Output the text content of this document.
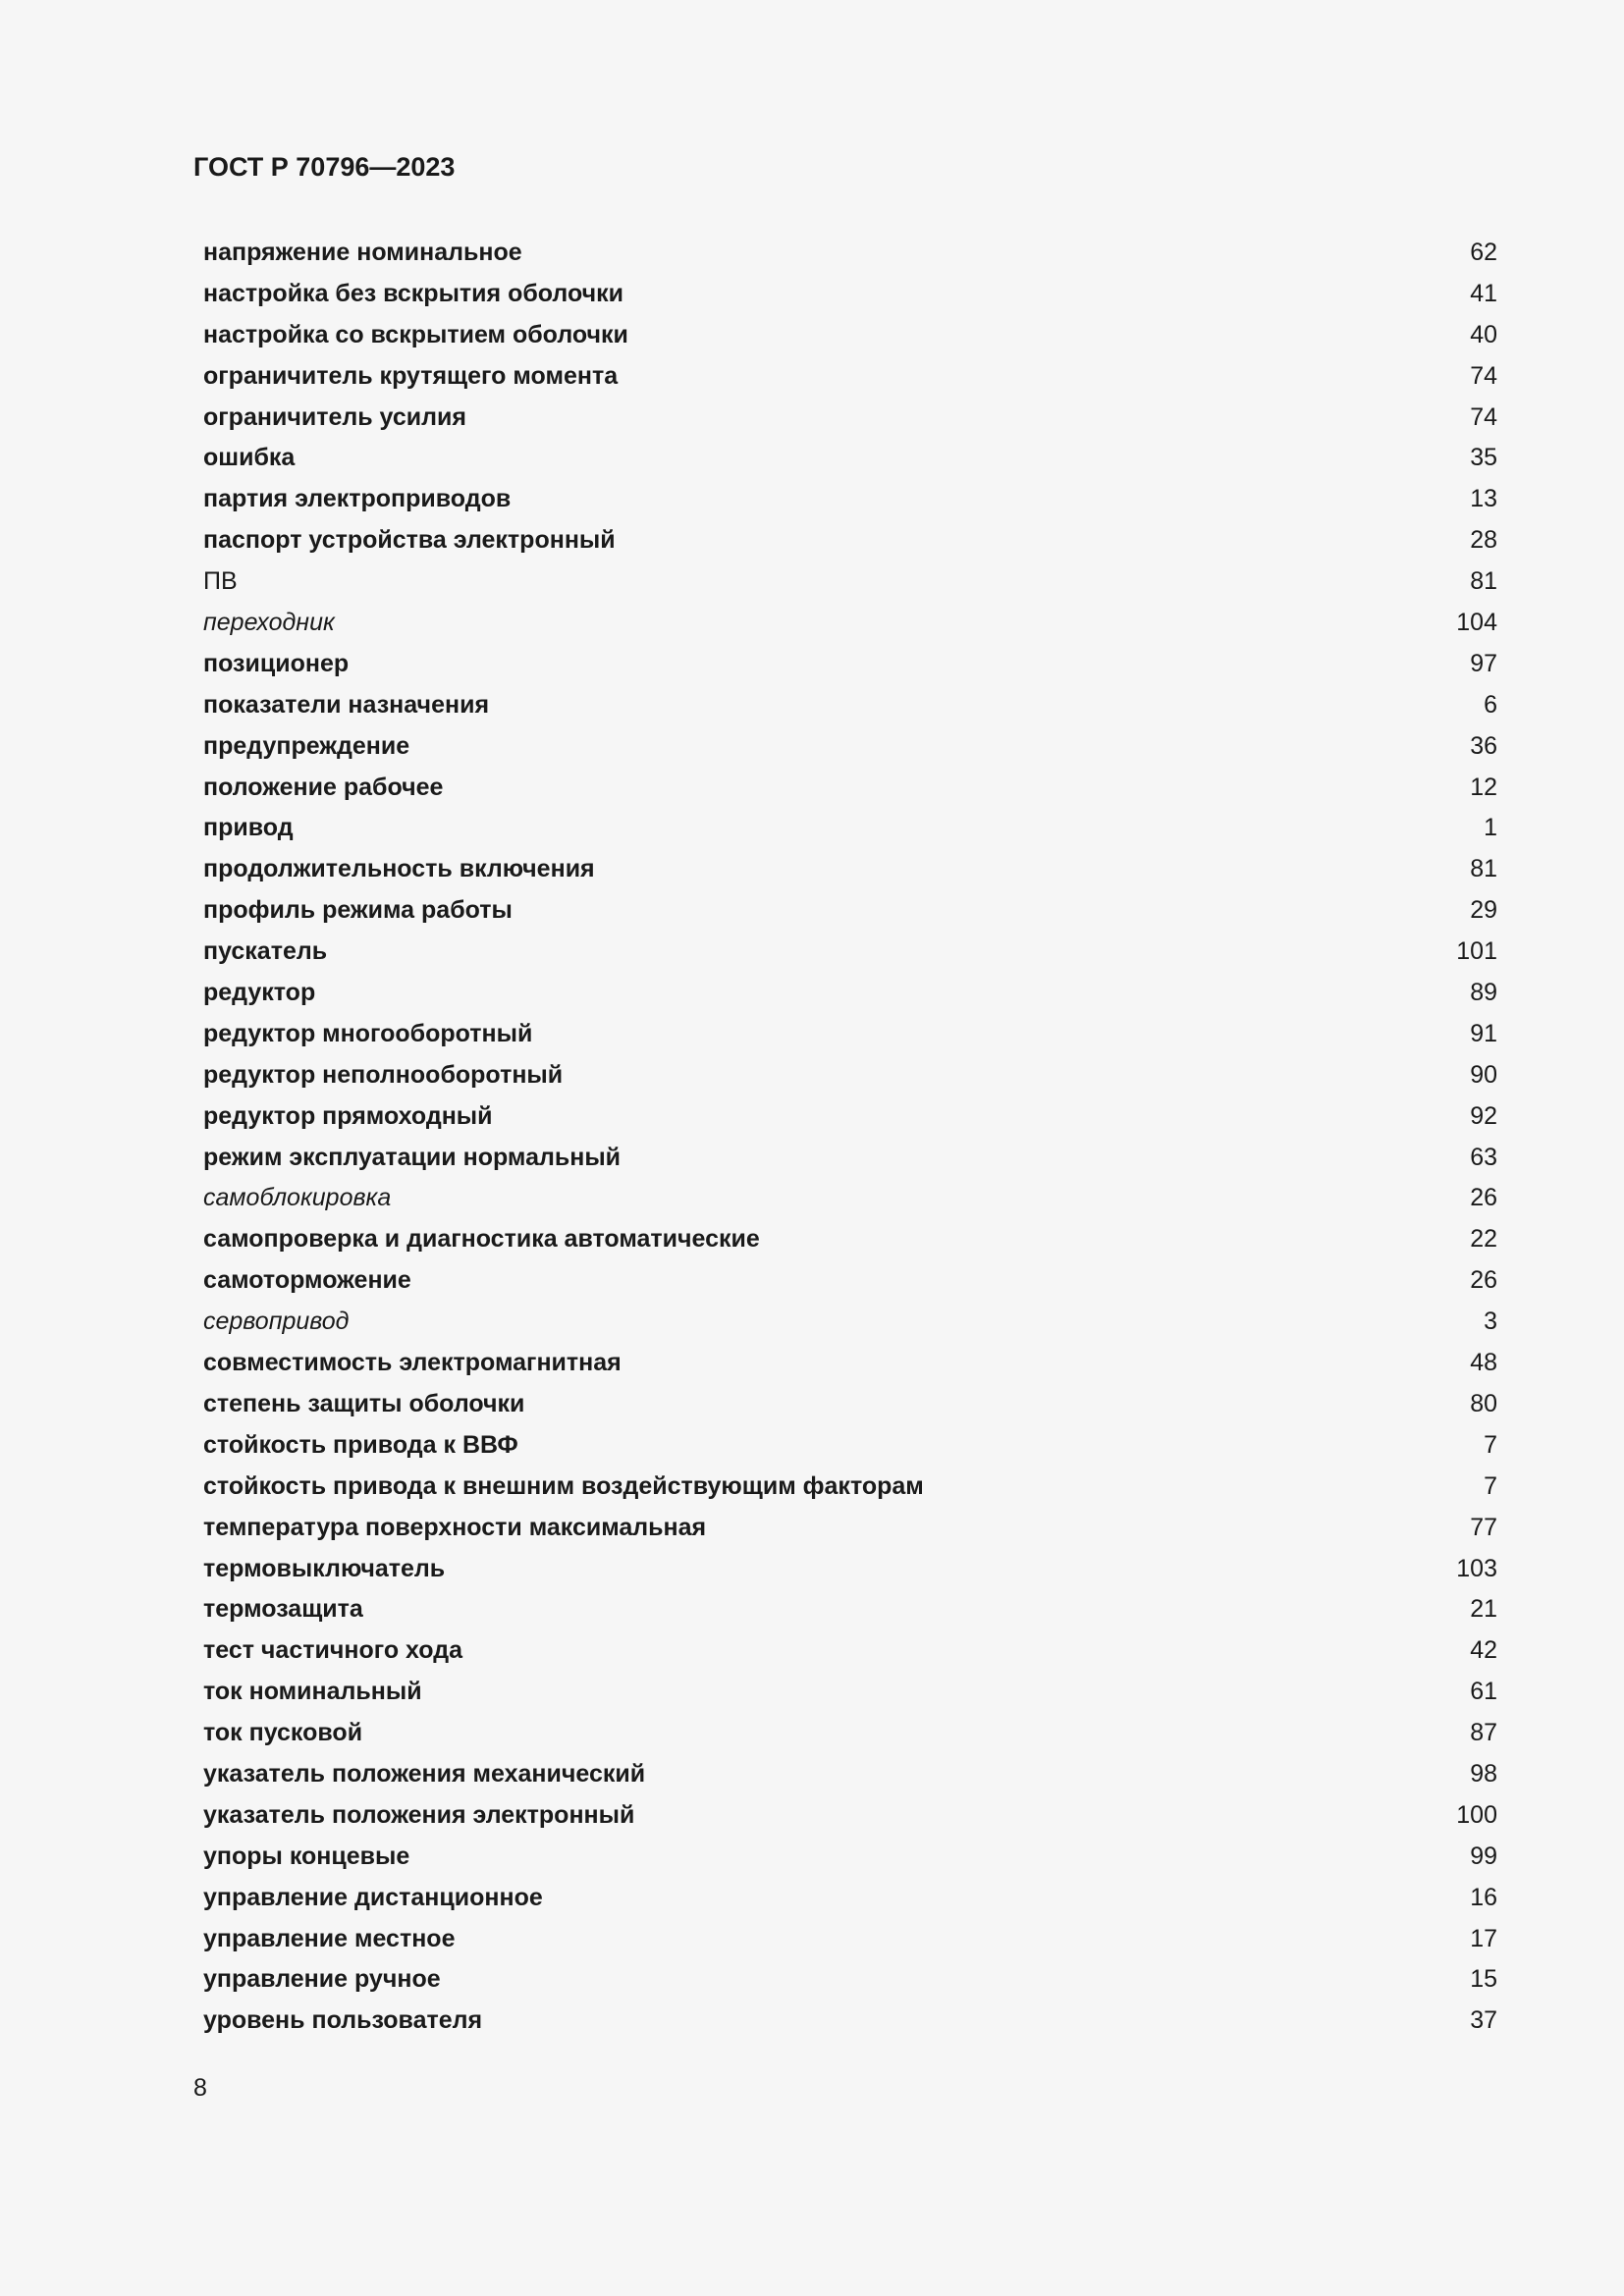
ГОСТ Р 70796—2023
напряжение номинальное	62
настройка без вскрытия оболочки	41
настройка со вскрытием оболочки	40
ограничитель крутящего момента	74
ограничитель усилия	74
ошибка	35
партия электроприводов	13
паспорт устройства электронный	28
ПВ	81
переходник	104
позиционер	97
показатели назначения	6
предупреждение	36
положение рабочее	12
привод	1
продолжительность включения	81
профиль режима работы	29
пускатель	101
редуктор	89
редуктор многооборотный	91
редуктор неполнооборотный	90
редуктор прямоходный	92
режим эксплуатации нормальный	63
самоблокировка	26
самопроверка и диагностика автоматические	22
самоторможение	26
сервопривод	3
совместимость электромагнитная	48
степень защиты оболочки	80
стойкость привода к ВВФ	7
стойкость привода к внешним воздействующим факторам	7
температура поверхности максимальная	77
термовыключатель	103
термозащита	21
тест частичного хода	42
ток номинальный	61
ток пусковой	87
указатель положения механический	98
указатель положения электронный	100
упоры концевые	99
управление дистанционное	16
управление местное	17
управление ручное	15
уровень пользователя	37
8
